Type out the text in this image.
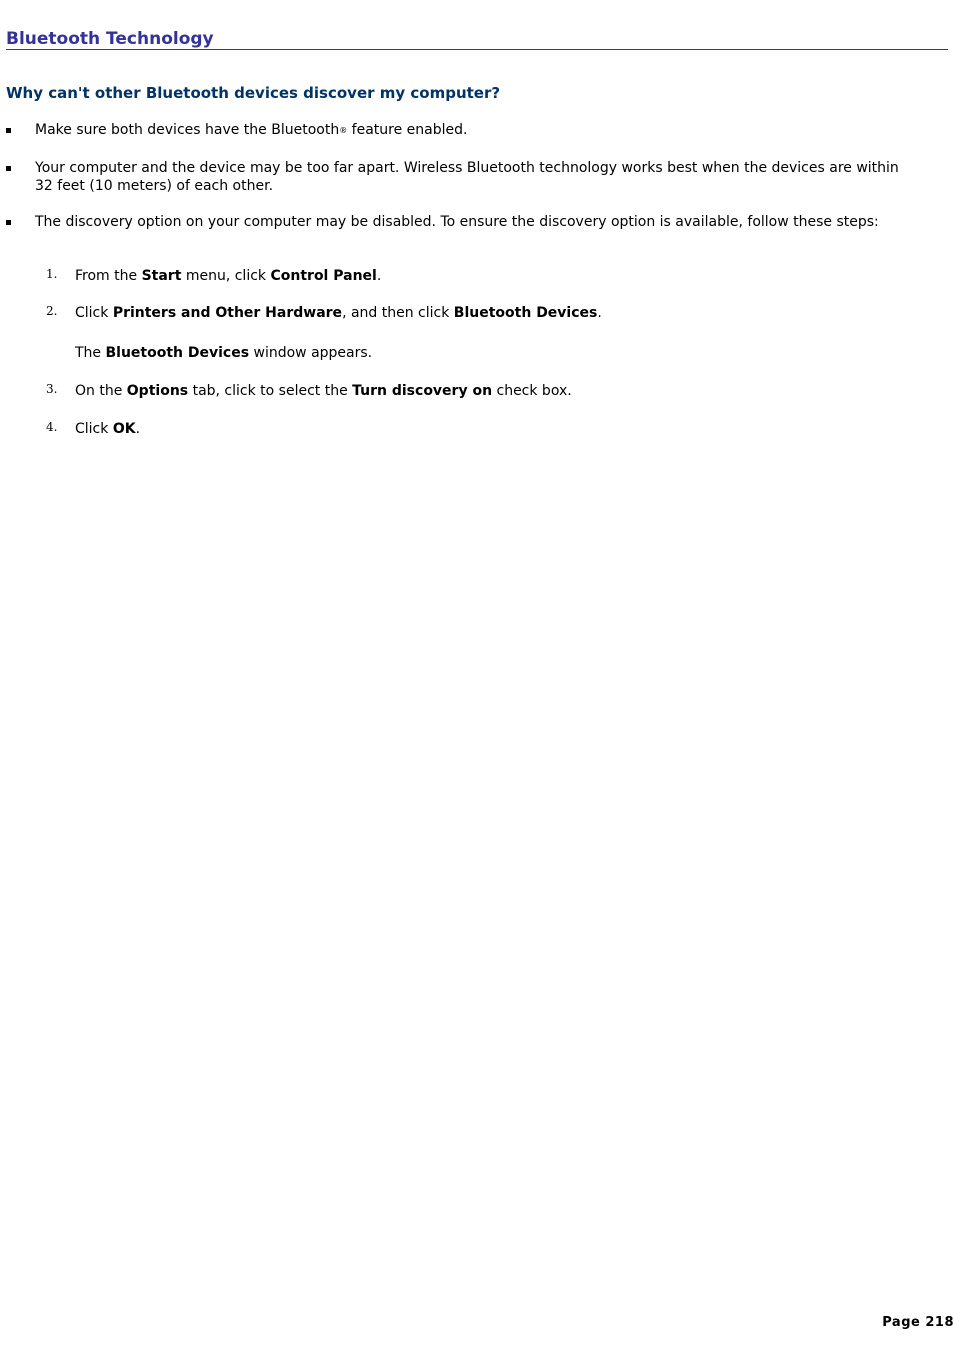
Bluetooth Technology
Why can't other Bluetooth devices discover my computer?
Make sure both devices have the Bluetooth® feature enabled.
Your computer and the device may be too far apart. Wireless Bluetooth technology works best when the devices are within 32 feet (10 meters) of each other.
The discovery option on your computer may be disabled. To ensure the discovery option is available, follow these steps:
1. From the Start menu, click Control Panel.
2. Click Printers and Other Hardware, and then click Bluetooth Devices.
The Bluetooth Devices window appears.
3. On the Options tab, click to select the Turn discovery on check box.
4. Click OK.
Page 218
